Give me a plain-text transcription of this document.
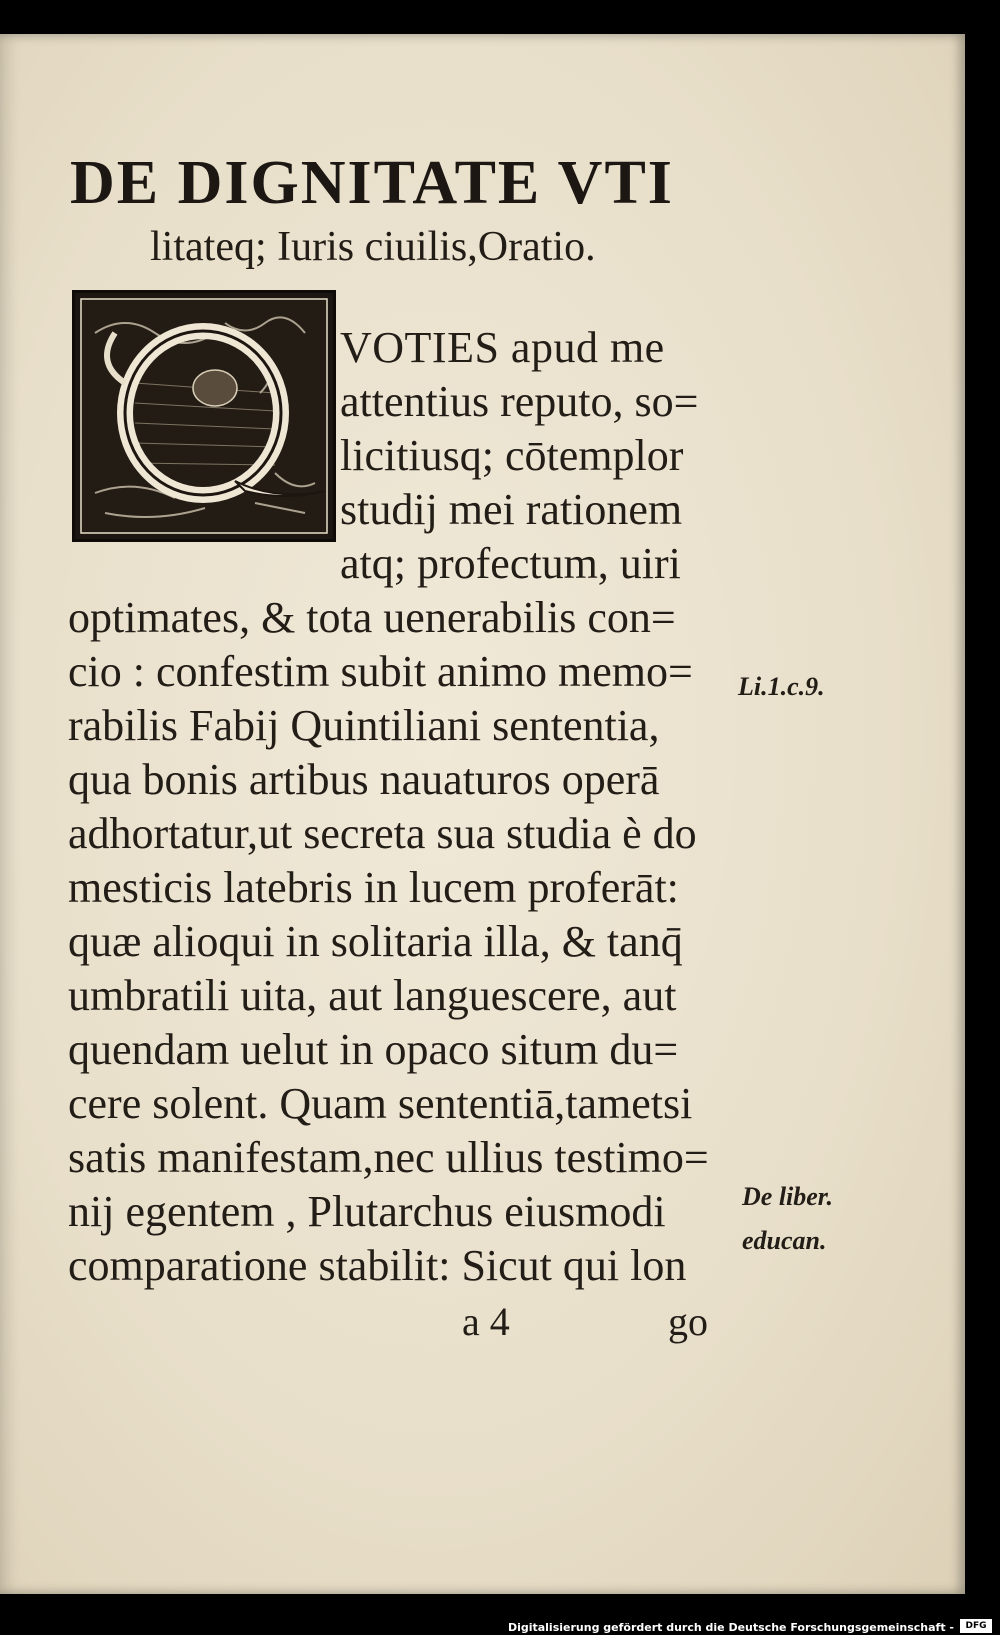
DE DIGNITATE VTI
litateq; Iuris ciuilis,Oratio.
VOTIES apud me
attentius reputo, so=
licitiusq; cōtemplor
studij mei rationem
atq; profectum, uiri
optimates, & tota uenerabilis con=
cio : confestim subit animo memo=
rabilis Fabij Quintiliani sententia,
qua bonis artibus nauaturos operā
adhortatur,ut secreta sua studia è do
mesticis latebris in lucem proferāt:
quæ alioqui in solitaria illa, & tanq̄
umbratili uita, aut languescere, aut
quendam uelut in opaco situm du=
cere solent. Quam sententiā,tametsi
satis manifestam,nec ullius testimo=
nij egentem , Plutarchus eiusmodi
comparatione stabilit: Sicut qui lon
Li.1.c.9.
De liber.
educan.
a 4	go
Digitalisierung gefördert durch die Deutsche Forschungsgemeinschaft -	DFG
